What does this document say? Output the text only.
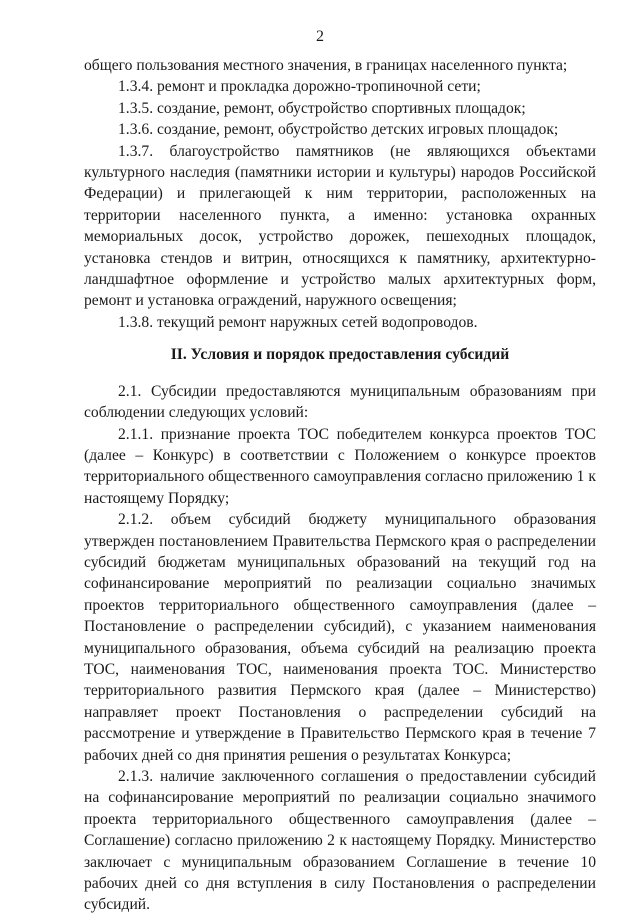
2

общего пользования местного значения, в границах населенного пункта;

1.3.4. ремонт и прокладка дорожно-тропиночной сети;

1.3.5. создание, ремонт, обустройство спортивных площадок;

1.3.6. создание, ремонт, обустройство детских игровых площадок;

1.3.7. благоустройство памятников (не являющихся объектами культурного наследия (памятники истории и культуры) народов Российской Федерации) и прилегающей к ним территории, расположенных на территории населенного пункта, а именно: установка охранных мемориальных досок, устройство дорожек, пешеходных площадок, установка стендов и витрин, относящихся к памятнику, архитектурно-ландшафтное оформление и устройство малых архитектурных форм, ремонт и установка ограждений, наружного освещения;

1.3.8. текущий ремонт наружных сетей водопроводов.

II. Условия и порядок предоставления субсидий

2.1. Субсидии предоставляются муниципальным образованиям при соблюдении следующих условий:

2.1.1. признание проекта ТОС победителем конкурса проектов ТОС (далее – Конкурс) в соответствии с Положением о конкурсе проектов территориального общественного самоуправления согласно приложению 1 к настоящему Порядку;

2.1.2. объем субсидий бюджету муниципального образования утвержден постановлением Правительства Пермского края о распределении субсидий бюджетам муниципальных образований на текущий год на софинансирование мероприятий по реализации социально значимых проектов территориального общественного самоуправления (далее – Постановление о распределении субсидий), с указанием наименования муниципального образования, объема субсидий на реализацию проекта ТОС, наименования ТОС, наименования проекта ТОС. Министерство территориального развития Пермского края (далее – Министерство) направляет проект Постановления о распределении субсидий на рассмотрение и утверждение в Правительство Пермского края в течение 7 рабочих дней со дня принятия решения о результатах Конкурса;

2.1.3. наличие заключенного соглашения о предоставлении субсидий на софинансирование мероприятий по реализации социально значимого проекта территориального общественного самоуправления (далее – Соглашение) согласно приложению 2 к настоящему Порядку. Министерство заключает с муниципальным образованием Соглашение в течение 10 рабочих дней со дня вступления в силу Постановления о распределении субсидий.
